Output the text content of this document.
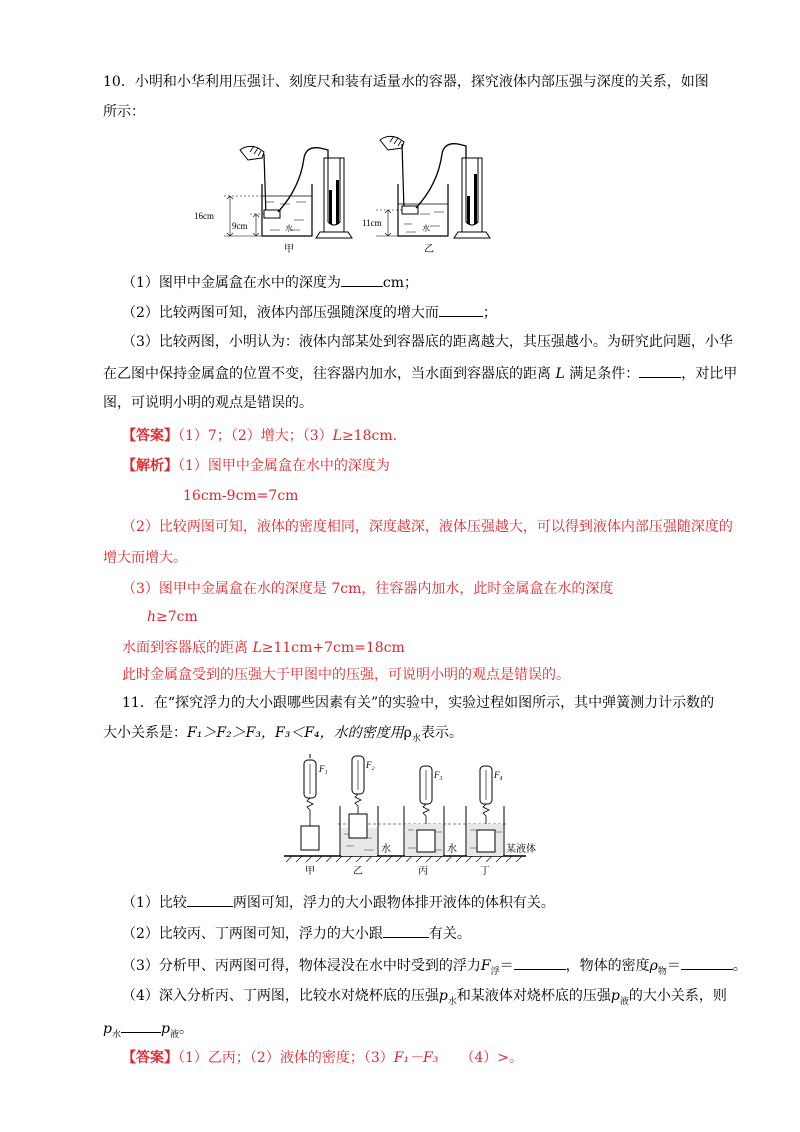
10．小明和小华利用压强计、刻度尺和装有适量水的容器，探究液体内部压强与深度的关系，如图
所示：
16cm
9cm	水
甲
11cm
水
乙
（1）图甲中金属盒在水中的深度为	cm；
（2）比较两图可知，液体内部压强随深度的增大而	；
（3）比较两图，小明认为：液体内部某处到容器底的距离越大，其压强越小。为研究此问题，小华
在乙图中保持金属盒的位置不变，往容器内加水，当水面到容器底的距离 L 满足条件：	，对比甲
图，可说明小明的观点是错误的。
【答案】（1）7；（2）增大；（3）L≥18cm．
【解析】（1）图甲中金属盒在水中的深度为
16cm-9cm=7cm
（2）比较两图可知，液体的密度相同，深度越深，液体压强越大，可以得到液体内部压强随深度的
增大而增大。
（3）图甲中金属盒在水的深度是 7cm，往容器内加水，此时金属盒在水的深度
h≥7cm
水面到容器底的距离 L≥11cm+7cm=18cm
此时金属盒受到的压强大于甲图中的压强，可说明小明的观点是错误的。
11．在“探究浮力的大小跟哪些因素有关”的实验中，实验过程如图所示，其中弹簧测力计示数的
大小关系是：F₁＞F₂＞F₃，F₃＜F₄，水的密度用$\rho_水$表示。
F₁	F₂
F₃	F₄
水	水	某液体
甲	乙	丙	丁
（1）比较	两图可知，浮力的大小跟物体排开液体的体积有关。
（2）比较丙、丁两图可知，浮力的大小跟	有关。
（3）分析甲、丙两图可得，物体浸没在水中时受到的浮力$F_浮=$	，物体的密度$\rho_物=$	。
（4）深入分析丙、丁两图，比较水对烧杯底的压强$p_水$和某液体对烧杯底的压强$p_液$的大小关系，则
$p_水$	$p_液$。
【答案】（1）乙丙；（2）液体的密度；（3）F₁－F₃ （4）>。
